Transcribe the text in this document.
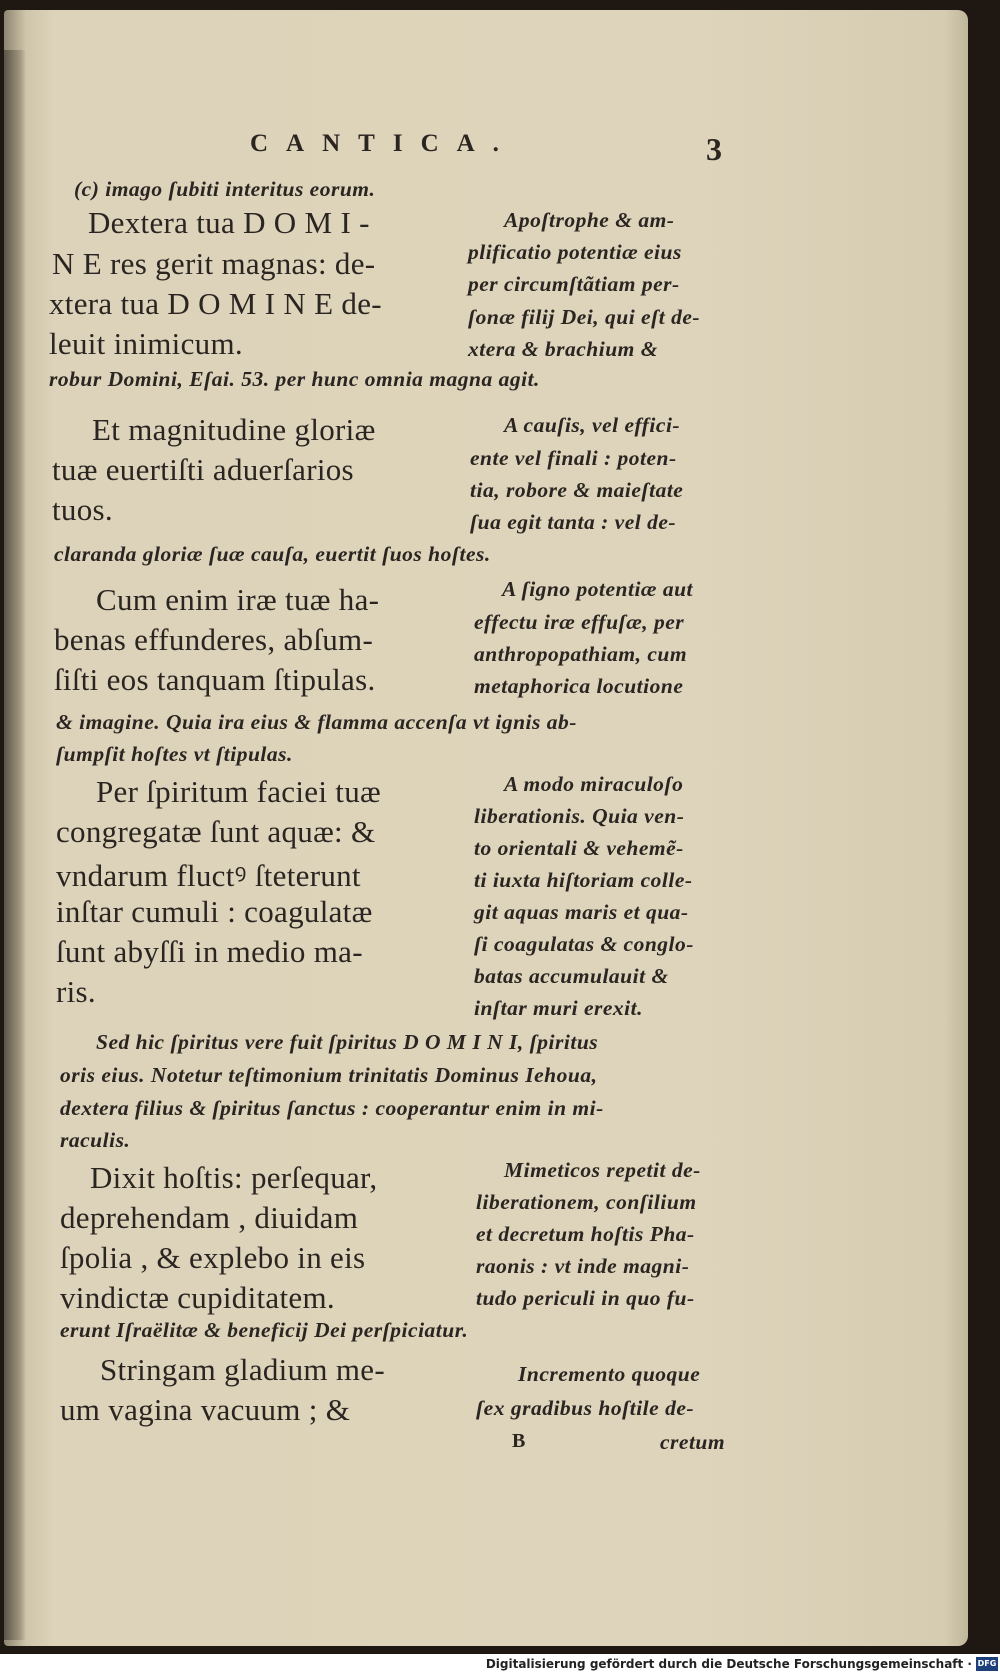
CANTICA.	3

(c) imago ſubiti interitus eorum.

Dextera tua D O M I -

N E res gerit magnas: de-

xtera tua D O M I N E de-

leuit inimicum.

Apoſtrophe & am-

plificatio potentiæ eius

per circumſtãtiam per-

ſonæ filij Dei, qui eſt de-

xtera & brachium &

robur Domini, Eſai. 53. per hunc omnia magna agit.

Et magnitudine gloriæ

tuæ euertiſti aduerſarios

tuos.

A cauſis, vel effici-

ente vel finali : poten-

tia, robore & maieſtate

ſua egit tanta : vel de-

claranda gloriæ ſuæ cauſa, euertit ſuos hoſtes.

Cum enim iræ tuæ ha-

benas effunderes, abſum-

ſiſti eos tanquam ſtipulas.

A ſigno potentiæ aut

effectu iræ effuſæ, per

anthropopathiam, cum

metaphorica locutione

& imagine. Quia ira eius & flamma accenſa vt ignis ab-

ſumpſit hoſtes vt ſtipulas.

Per ſpiritum faciei tuæ

congregatæ ſunt aquæ: &

vndarum fluctꝰ ſteterunt

inſtar cumuli : coagulatæ

ſunt abyſſi in medio ma-

ris.

A modo miraculoſo

liberationis. Quia ven-

to orientali & vehemẽ-

ti iuxta hiſtoriam colle-

git aquas maris et qua-

ſi coagulatas & conglo-

batas accumulauit &

inſtar muri erexit.

Sed hic ſpiritus vere fuit ſpiritus D O M I N I, ſpiritus

oris eius. Notetur teſtimonium trinitatis Dominus Iehoua,

dextera filius & ſpiritus ſanctus : cooperantur enim in mi-

raculis.

Dixit hoſtis: perſequar,

deprehendam , diuidam

ſpolia , & explebo in eis

vindictæ cupiditatem.

Mimeticos repetit de-

liberationem, conſilium

et decretum hoſtis Pha-

raonis : vt inde magni-

tudo periculi in quo fu-

erunt Iſraëlitæ & beneficij Dei perſpiciatur.

Stringam gladium me-

um vagina vacuum ; &

Incremento quoque

ſex gradibus hoſtile de-

B	cretum

Digitalisierung gefördert durch die Deutsche Forschungsgemeinschaft · DFG
